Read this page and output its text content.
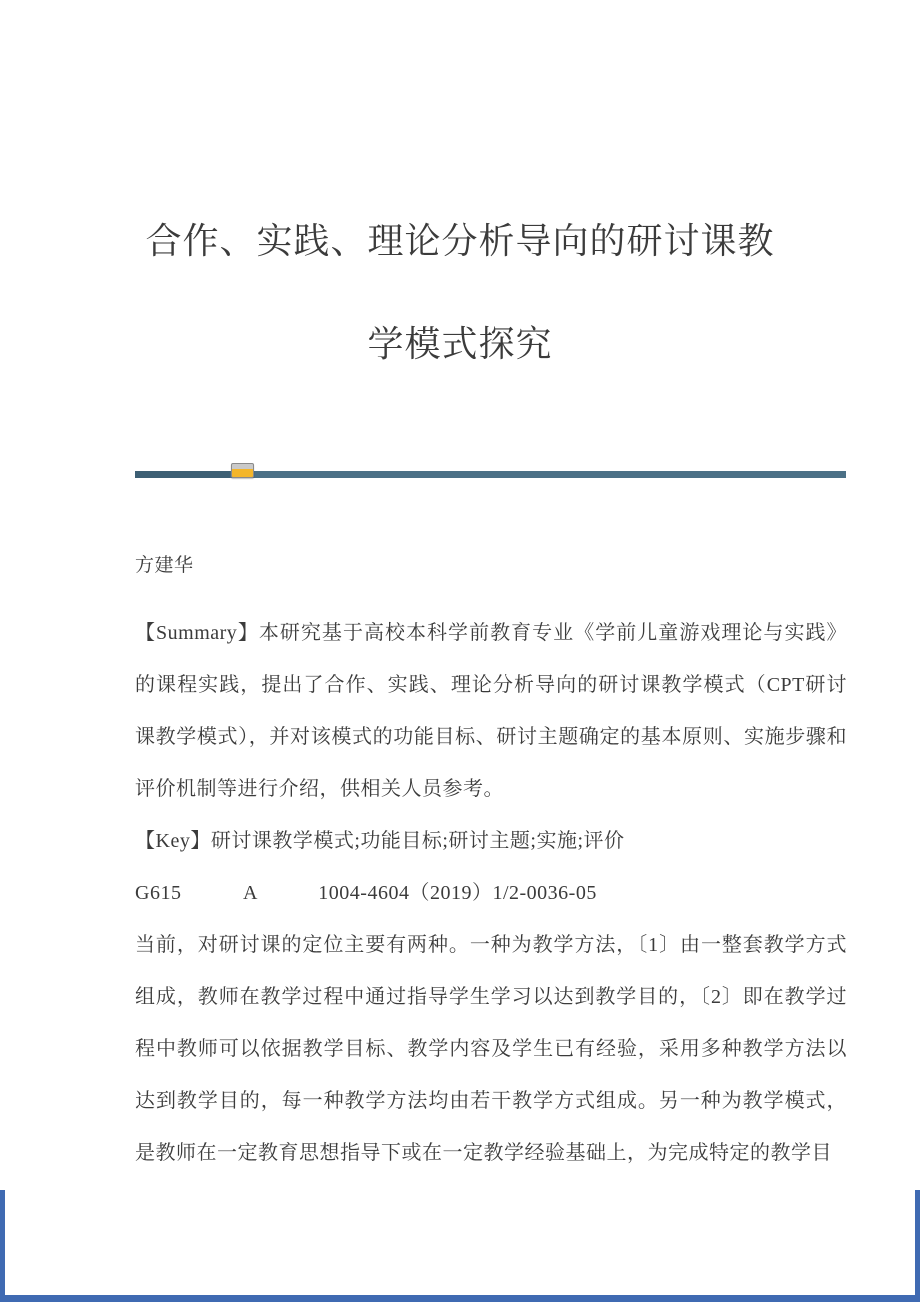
合作、实践、理论分析导向的研讨课教
学模式探究

方建华

【Summary】本研究基于高校本科学前教育专业《学前儿童游戏理论与实践》的课程实践，提出了合作、实践、理论分析导向的研讨课教学模式（CPT研讨课教学模式），并对该模式的功能目标、研讨主题确定的基本原则、实施步骤和评价机制等进行介绍，供相关人员参考。

【Key】研讨课教学模式;功能目标;研讨主题;实施;评价

G615　　　A　　　1004-4604（2019）1/2-0036-05

当前，对研讨课的定位主要有两种。一种为教学方法，〔1〕由一整套教学方式组成，教师在教学过程中通过指导学生学习以达到教学目的，〔2〕即在教学过程中教师可以依据教学目标、教学内容及学生已有经验，采用多种教学方法以达到教学目的，每一种教学方法均由若干教学方式组成。另一种为教学模式，是教师在一定教育思想指导下或在一定教学经验基础上，为完成特定的教学目
